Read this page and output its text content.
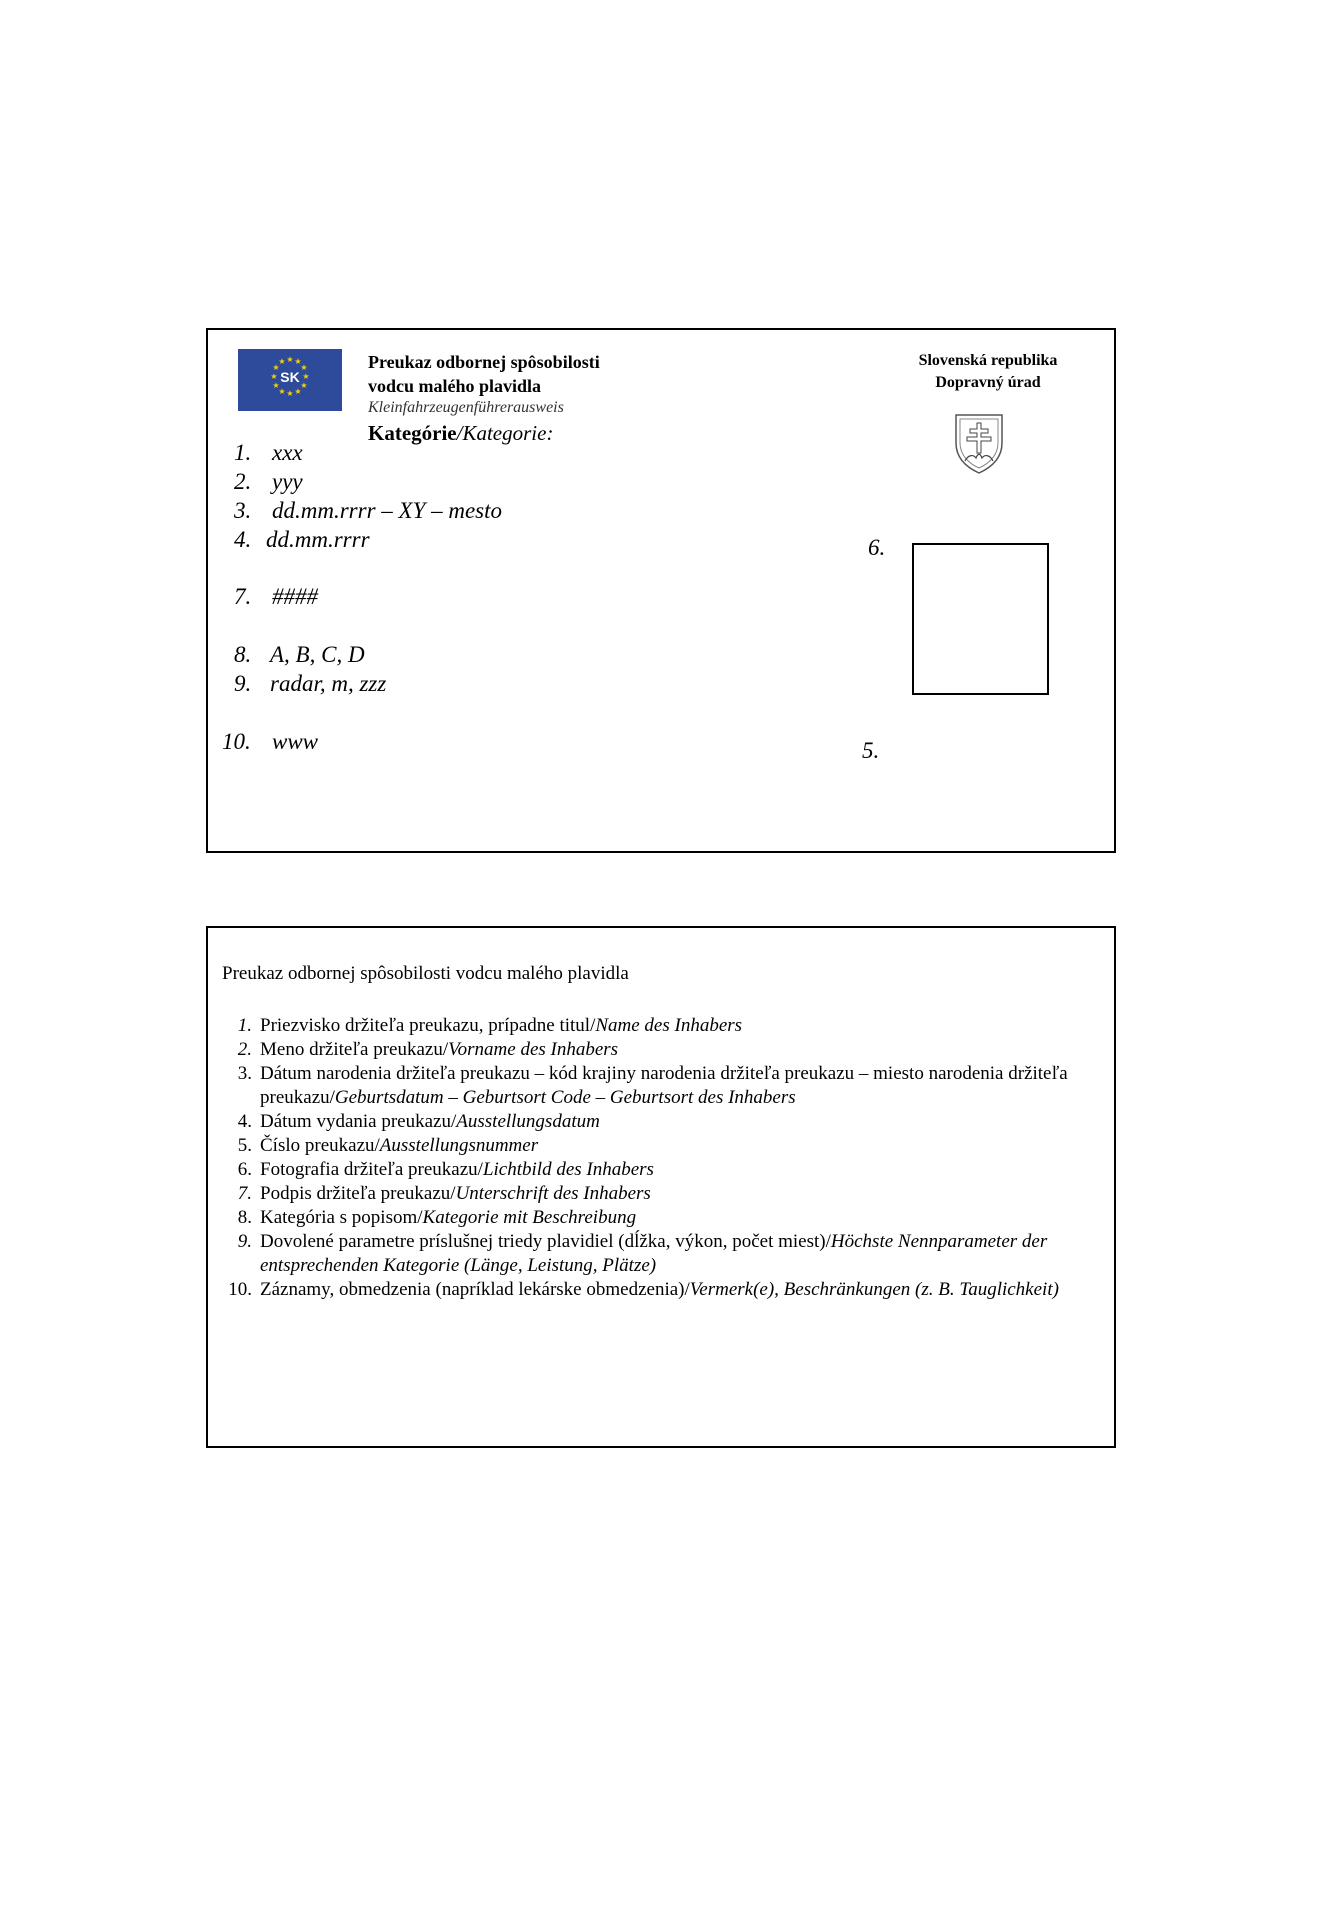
★ ★
★
★
★
★
★
★
★
★
★
★
SK
Preukaz odbornej spôsobilosti
vodcu malého plavidla
Kleinfahrzeugenführerausweis
Kategórie/Kategorie:
Slovenská republika
Dopravný úrad
1. xxx
2. yyy
3. dd.mm.rrrr – XY – mesto
4. dd.mm.rrrr
7. ####
8. A, B, C, D
9. radar, m, zzz
10. www
6.
5.
Preukaz odbornej spôsobilosti vodcu malého plavidla
1. Priezvisko držiteľa preukazu, prípadne titul/Name des Inhabers
2. Meno držiteľa preukazu/Vorname des Inhabers
3. Dátum narodenia držiteľa preukazu – kód krajiny narodenia držiteľa preukazu – miesto narodenia držiteľa preukazu/Geburtsdatum – Geburtsort Code – Geburtsort des Inhabers
4. Dátum vydania preukazu/Ausstellungsdatum
5. Číslo preukazu/Ausstellungsnummer
6. Fotografia držiteľa preukazu/Lichtbild des Inhabers
7. Podpis držiteľa preukazu/Unterschrift des Inhabers
8. Kategória s popisom/Kategorie mit Beschreibung
9. Dovolené parametre príslušnej triedy plavidiel (dĺžka, výkon, počet miest)/Höchste Nennparameter der entsprechenden Kategorie (Länge, Leistung, Plätze)
10. Záznamy, obmedzenia (napríklad lekárske obmedzenia)/Vermerk(e), Beschränkungen (z. B. Tauglichkeit)
